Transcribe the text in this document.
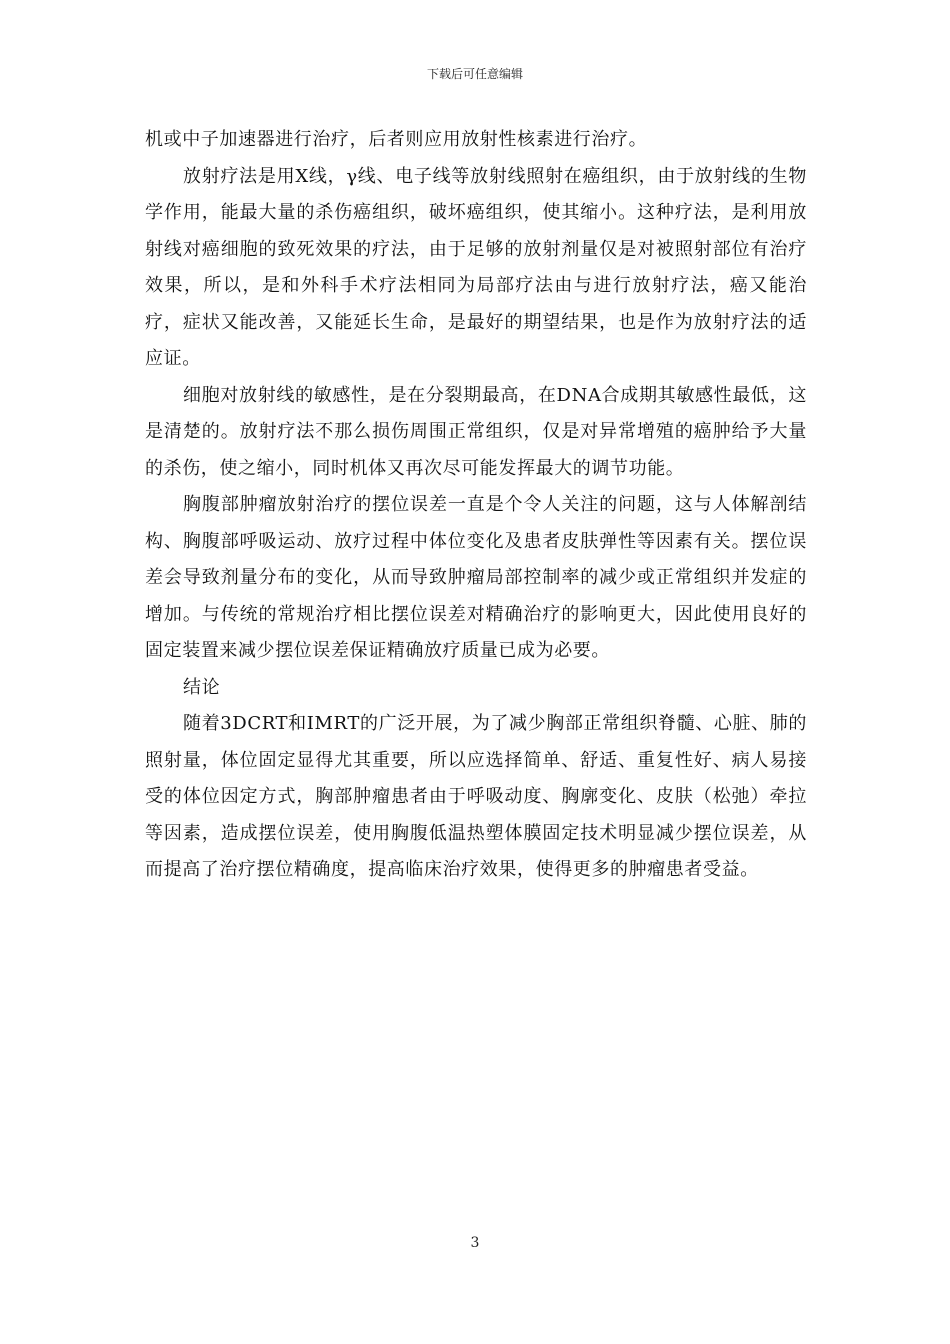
下载后可任意编辑

机或中子加速器进行治疗，后者则应用放射性核素进行治疗。

放射疗法是用X线，γ线、电子线等放射线照射在癌组织，由于放射线的生物学作用，能最大量的杀伤癌组织，破坏癌组织，使其缩小。这种疗法，是利用放射线对癌细胞的致死效果的疗法，由于足够的放射剂量仅是对被照射部位有治疗效果，所以，是和外科手术疗法相同为局部疗法由与进行放射疗法，癌又能治疗，症状又能改善，又能延长生命，是最好的期望结果，也是作为放射疗法的适应证。

细胞对放射线的敏感性，是在分裂期最高，在DNA合成期其敏感性最低，这是清楚的。放射疗法不那么损伤周围正常组织，仅是对异常增殖的癌肿给予大量的杀伤，使之缩小，同时机体又再次尽可能发挥最大的调节功能。

胸腹部肿瘤放射治疗的摆位误差一直是个令人关注的问题，这与人体解剖结构、胸腹部呼吸运动、放疗过程中体位变化及患者皮肤弹性等因素有关。摆位误差会导致剂量分布的变化，从而导致肿瘤局部控制率的减少或正常组织并发症的增加。与传统的常规治疗相比摆位误差对精确治疗的影响更大，因此使用良好的固定装置来减少摆位误差保证精确放疗质量已成为必要。

结论

随着3DCRT和IMRT的广泛开展，为了减少胸部正常组织脊髓、心脏、肺的照射量，体位固定显得尤其重要，所以应选择简单、舒适、重复性好、病人易接受的体位因定方式，胸部肿瘤患者由于呼吸动度、胸廓变化、皮肤（松弛）牵拉等因素，造成摆位误差，使用胸腹低温热塑体膜固定技术明显减少摆位误差，从而提高了治疗摆位精确度，提高临床治疗效果，使得更多的肿瘤患者受益。

3
